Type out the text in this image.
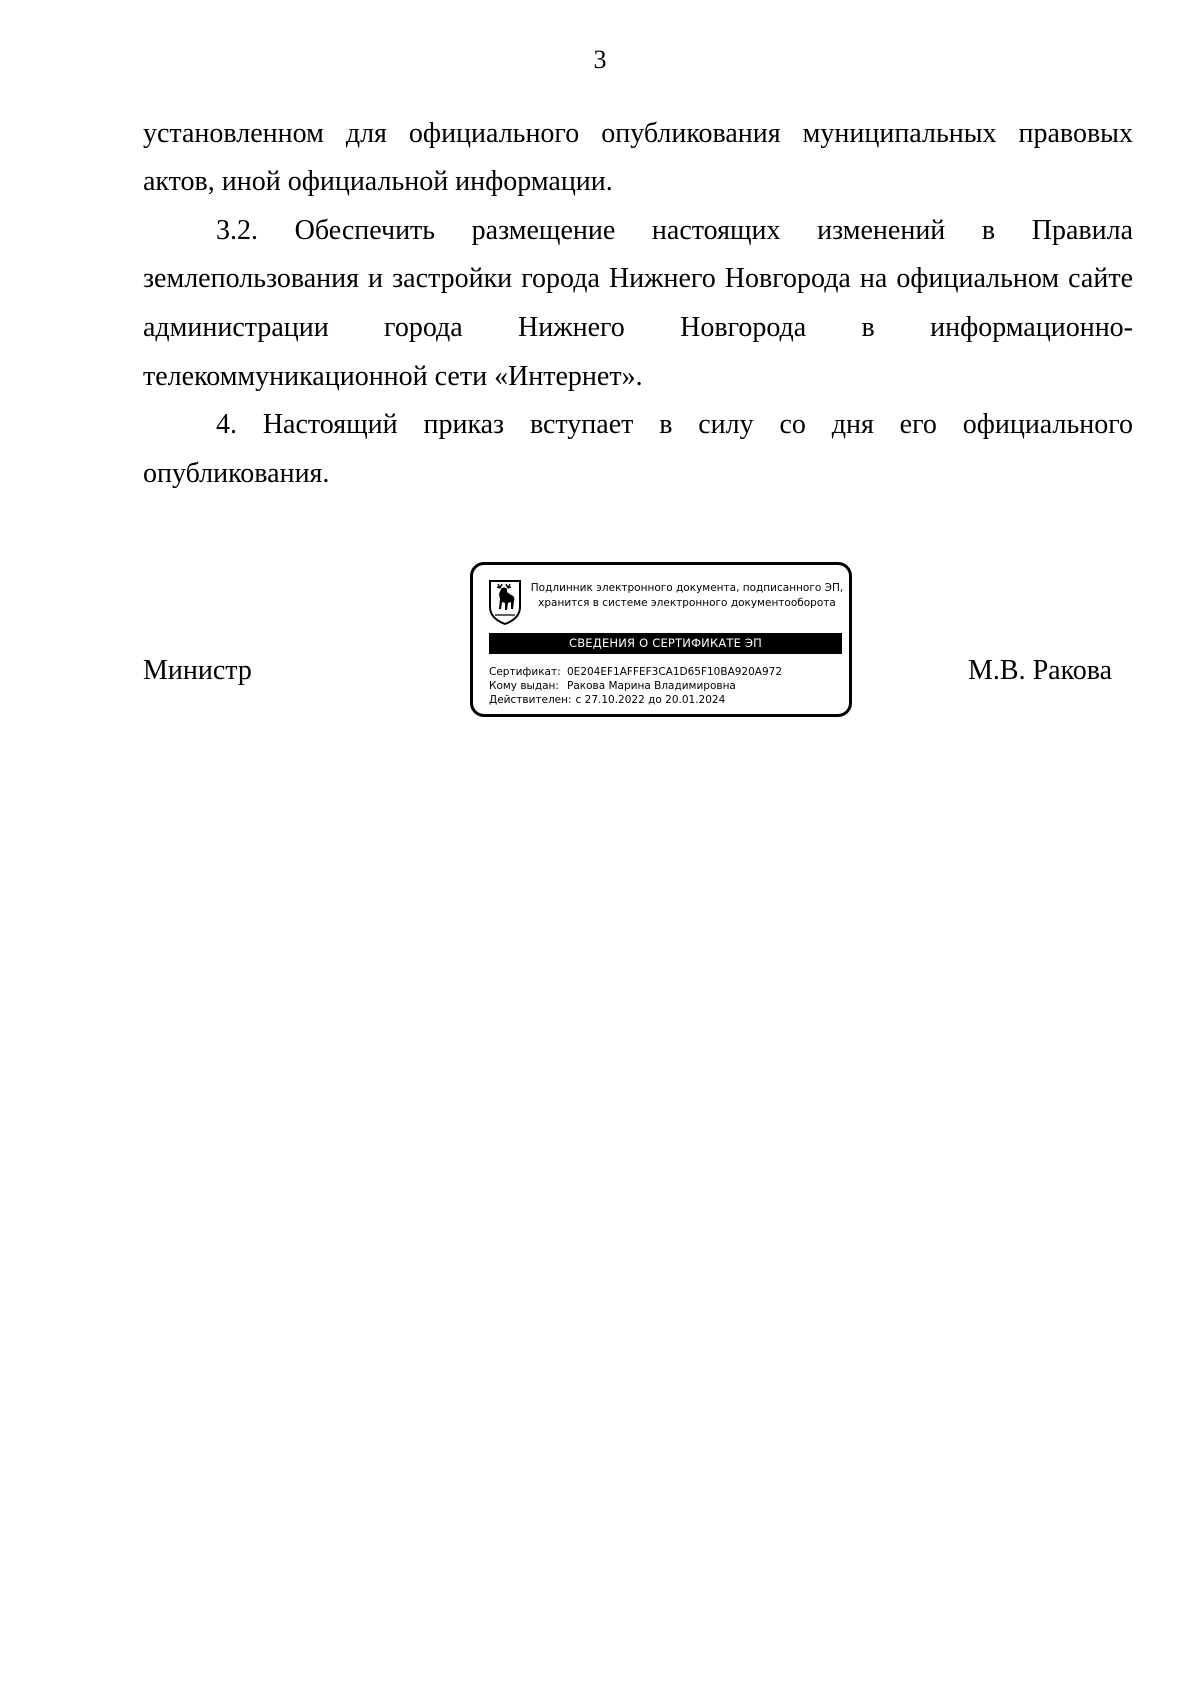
3
установленном для официального опубликования муниципальных правовых
актов, иной официальной информации.
3.2. Обеспечить размещение настоящих изменений в Правила
землепользования и застройки города Нижнего Новгорода на официальном сайте
администрации города Нижнего Новгорода в информационно-
телекоммуникационной сети «Интернет».
4. Настоящий приказ вступает в силу со дня его официального
опубликования.
Министр
Подлинник электронного документа, подписанного ЭП,
хранится в системе электронного документооборота
СВЕДЕНИЯ О СЕРТИФИКАТЕ ЭП
Сертификат: 0E204EF1AFFEF3CA1D65F10BA920A972
Кому выдан: Ракова Марина Владимировна
Действителен: с 27.10.2022 до 20.01.2024
М.В. Ракова
